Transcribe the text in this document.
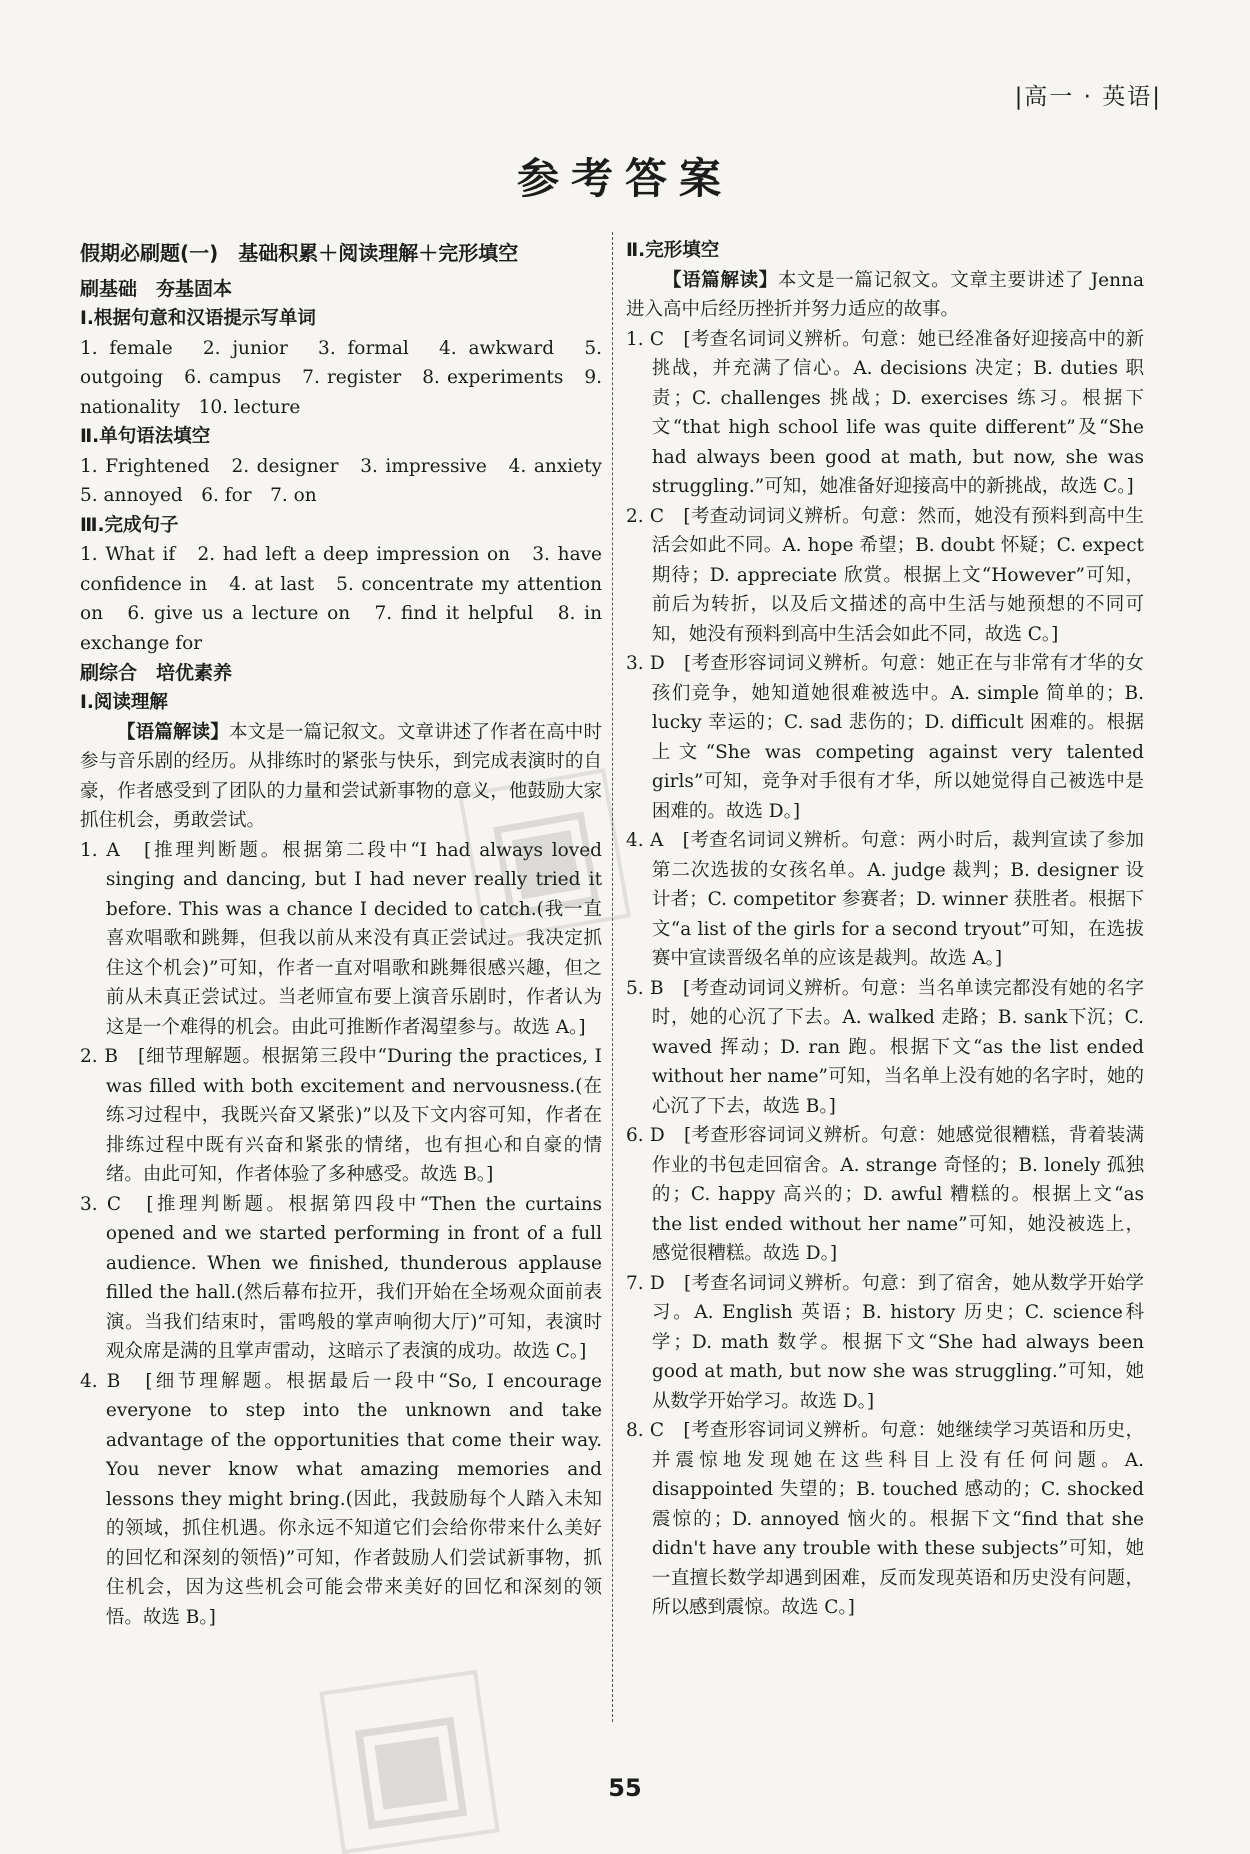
|高一 · 英语|
参考答案
假期必刷题(一)　基础积累＋阅读理解＋完形填空
刷基础　夯基固本
Ⅰ.根据句意和汉语提示写单词
1. female　2. junior　3. formal　4. awkward　5. outgoing　6. campus　7. register　8. experiments　9. nationality　10. lecture
Ⅱ.单句语法填空
1. Frightened　2. designer　3. impressive　4. anxiety　5. annoyed　6. for　7. on
Ⅲ.完成句子
1. What if　2. had left a deep impression on　3. have confidence in　4. at last　5. concentrate my attention on　6. give us a lecture on　7. find it helpful　8. in exchange for
刷综合　培优素养
Ⅰ.阅读理解
【语篇解读】本文是一篇记叙文。文章讲述了作者在高中时参与音乐剧的经历。从排练时的紧张与快乐，到完成表演时的自豪，作者感受到了团队的力量和尝试新事物的意义，他鼓励大家抓住机会，勇敢尝试。
1. A　[推理判断题。根据第二段中“I had always loved singing and dancing, but I had never really tried it before. This was a chance I decided to catch.(我一直喜欢唱歌和跳舞，但我以前从来没有真正尝试过。我决定抓住这个机会)”可知，作者一直对唱歌和跳舞很感兴趣，但之前从未真正尝试过。当老师宣布要上演音乐剧时，作者认为这是一个难得的机会。由此可推断作者渴望参与。故选 A。]
2. B　[细节理解题。根据第三段中“During the practices, I was filled with both excitement and nervousness.(在练习过程中，我既兴奋又紧张)”以及下文内容可知，作者在排练过程中既有兴奋和紧张的情绪，也有担心和自豪的情绪。由此可知，作者体验了多种感受。故选 B。]
3. C　[推理判断题。根据第四段中“Then the curtains opened and we started performing in front of a full audience. When we finished, thunderous applause filled the hall.(然后幕布拉开，我们开始在全场观众面前表演。当我们结束时，雷鸣般的掌声响彻大厅)”可知，表演时观众席是满的且掌声雷动，这暗示了表演的成功。故选 C。]
4. B　[细节理解题。根据最后一段中“So, I encourage everyone to step into the unknown and take advantage of the opportunities that come their way. You never know what amazing memories and lessons they might bring.(因此，我鼓励每个人踏入未知的领域，抓住机遇。你永远不知道它们会给你带来什么美好的回忆和深刻的领悟)”可知，作者鼓励人们尝试新事物，抓住机会，因为这些机会可能会带来美好的回忆和深刻的领悟。故选 B。]
Ⅱ.完形填空
【语篇解读】本文是一篇记叙文。文章主要讲述了 Jenna 进入高中后经历挫折并努力适应的故事。
1. C　[考查名词词义辨析。句意：她已经准备好迎接高中的新挑战，并充满了信心。A. decisions 决定；B. duties 职责；C. challenges 挑战；D. exercises 练习。根据下文“that high school life was quite different”及“She had always been good at math, but now, she was struggling.”可知，她准备好迎接高中的新挑战，故选 C。]
2. C　[考查动词词义辨析。句意：然而，她没有预料到高中生活会如此不同。A. hope 希望；B. doubt 怀疑；C. expect 期待；D. appreciate 欣赏。根据上文“However”可知，前后为转折，以及后文描述的高中生活与她预想的不同可知，她没有预料到高中生活会如此不同，故选 C。]
3. D　[考查形容词词义辨析。句意：她正在与非常有才华的女孩们竞争，她知道她很难被选中。A. simple 简单的；B. lucky 幸运的；C. sad 悲伤的；D. difficult 困难的。根据上文“She was competing against very talented girls”可知，竞争对手很有才华，所以她觉得自己被选中是困难的。故选 D。]
4. A　[考查名词词义辨析。句意：两小时后，裁判宣读了参加第二次选拔的女孩名单。A. judge 裁判；B. designer 设计者；C. competitor 参赛者；D. winner 获胜者。根据下文“a list of the girls for a second tryout”可知，在选拔赛中宣读晋级名单的应该是裁判。故选 A。]
5. B　[考查动词词义辨析。句意：当名单读完都没有她的名字时，她的心沉了下去。A. walked 走路；B. sank下沉；C. waved 挥动；D. ran 跑。根据下文“as the list ended without her name”可知，当名单上没有她的名字时，她的心沉了下去，故选 B。]
6. D　[考查形容词词义辨析。句意：她感觉很糟糕，背着装满作业的书包走回宿舍。A. strange 奇怪的；B. lonely 孤独的；C. happy 高兴的；D. awful 糟糕的。根据上文“as the list ended without her name”可知，她没被选上，感觉很糟糕。故选 D。]
7. D　[考查名词词义辨析。句意：到了宿舍，她从数学开始学习。A. English 英语；B. history 历史；C. science科学；D. math 数学。根据下文“She had always been good at math, but now she was struggling.”可知，她从数学开始学习。故选 D。]
8. C　[考查形容词词义辨析。句意：她继续学习英语和历史，并震惊地发现她在这些科目上没有任何问题。A. disappointed 失望的；B. touched 感动的；C. shocked震惊的；D. annoyed 恼火的。根据下文“find that she didn't have any trouble with these subjects”可知，她一直擅长数学却遇到困难，反而发现英语和历史没有问题，所以感到震惊。故选 C。]
55
▣
▣
